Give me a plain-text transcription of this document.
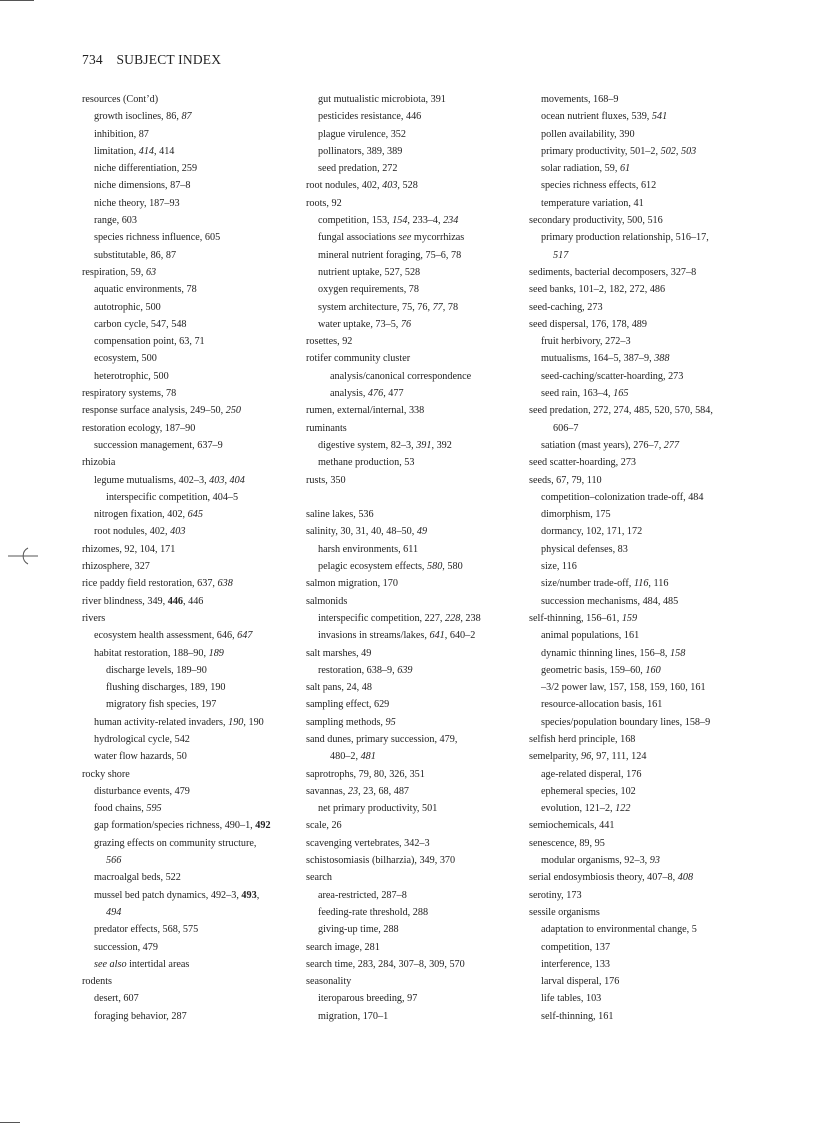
734 SUBJECT INDEX
resources (Cont’d)
growth isoclines, 86, 87
inhibition, 87
limitation, 414, 414
niche differentiation, 259
niche dimensions, 87–8
niche theory, 187–93
range, 603
species richness influence, 605
substitutable, 86, 87
respiration, 59, 63
aquatic environments, 78
autotrophic, 500
carbon cycle, 547, 548
compensation point, 63, 71
ecosystem, 500
heterotrophic, 500
respiratory systems, 78
response surface analysis, 249–50, 250
restoration ecology, 187–90
succession management, 637–9
rhizobia
legume mutualisms, 402–3, 403, 404
interspecific competition, 404–5
nitrogen fixation, 402, 645
root nodules, 402, 403
rhizomes, 92, 104, 171
rhizosphere, 327
rice paddy field restoration, 637, 638
river blindness, 349, 446, 446
rivers
ecosystem health assessment, 646, 647
habitat restoration, 188–90, 189
discharge levels, 189–90
flushing discharges, 189, 190
migratory fish species, 197
human activity-related invaders, 190, 190
hydrological cycle, 542
water flow hazards, 50
rocky shore
disturbance events, 479
food chains, 595
gap formation/species richness, 490–1, 492
grazing effects on community structure,
566
macroalgal beds, 522
mussel bed patch dynamics, 492–3, 493,
494
predator effects, 568, 575
succession, 479
see also intertidal areas
rodents
desert, 607
foraging behavior, 287
gut mutualistic microbiota, 391
pesticides resistance, 446
plague virulence, 352
pollinators, 389, 389
seed predation, 272
root nodules, 402, 403, 528
roots, 92
competition, 153, 154, 233–4, 234
fungal associations see mycorrhizas
mineral nutrient foraging, 75–6, 78
nutrient uptake, 527, 528
oxygen requirements, 78
system architecture, 75, 76, 77, 78
water uptake, 73–5, 76
rosettes, 92
rotifer community cluster
analysis/canonical correspondence
analysis, 476, 477
rumen, external/internal, 338
ruminants
digestive system, 82–3, 391, 392
methane production, 53
rusts, 350
saline lakes, 536
salinity, 30, 31, 40, 48–50, 49
harsh environments, 611
pelagic ecosystem effects, 580, 580
salmon migration, 170
salmonids
interspecific competition, 227, 228, 238
invasions in streams/lakes, 641, 640–2
salt marshes, 49
restoration, 638–9, 639
salt pans, 24, 48
sampling effect, 629
sampling methods, 95
sand dunes, primary succession, 479,
480–2, 481
saprotrophs, 79, 80, 326, 351
savannas, 23, 23, 68, 487
net primary productivity, 501
scale, 26
scavenging vertebrates, 342–3
schistosomiasis (bilharzia), 349, 370
search
area-restricted, 287–8
feeding-rate threshold, 288
giving-up time, 288
search image, 281
search time, 283, 284, 307–8, 309, 570
seasonality
iteroparous breeding, 97
migration, 170–1
movements, 168–9
ocean nutrient fluxes, 539, 541
pollen availability, 390
primary productivity, 501–2, 502, 503
solar radiation, 59, 61
species richness effects, 612
temperature variation, 41
secondary productivity, 500, 516
primary production relationship, 516–17,
517
sediments, bacterial decomposers, 327–8
seed banks, 101–2, 182, 272, 486
seed-caching, 273
seed dispersal, 176, 178, 489
fruit herbivory, 272–3
mutualisms, 164–5, 387–9, 388
seed-caching/scatter-hoarding, 273
seed rain, 163–4, 165
seed predation, 272, 274, 485, 520, 570, 584,
606–7
satiation (mast years), 276–7, 277
seed scatter-hoarding, 273
seeds, 67, 79, 110
competition–colonization trade-off, 484
dimorphism, 175
dormancy, 102, 171, 172
physical defenses, 83
size, 116
size/number trade-off, 116, 116
succession mechanisms, 484, 485
self-thinning, 156–61, 159
animal populations, 161
dynamic thinning lines, 156–8, 158
geometric basis, 159–60, 160
–3/2 power law, 157, 158, 159, 160, 161
resource-allocation basis, 161
species/population boundary lines, 158–9
selfish herd principle, 168
semelparity, 96, 97, 111, 124
age-related disperal, 176
ephemeral species, 102
evolution, 121–2, 122
semiochemicals, 441
senescence, 89, 95
modular organisms, 92–3, 93
serial endosymbiosis theory, 407–8, 408
serotiny, 173
sessile organisms
adaptation to environmental change, 5
competition, 137
interference, 133
larval disperal, 176
life tables, 103
self-thinning, 161
